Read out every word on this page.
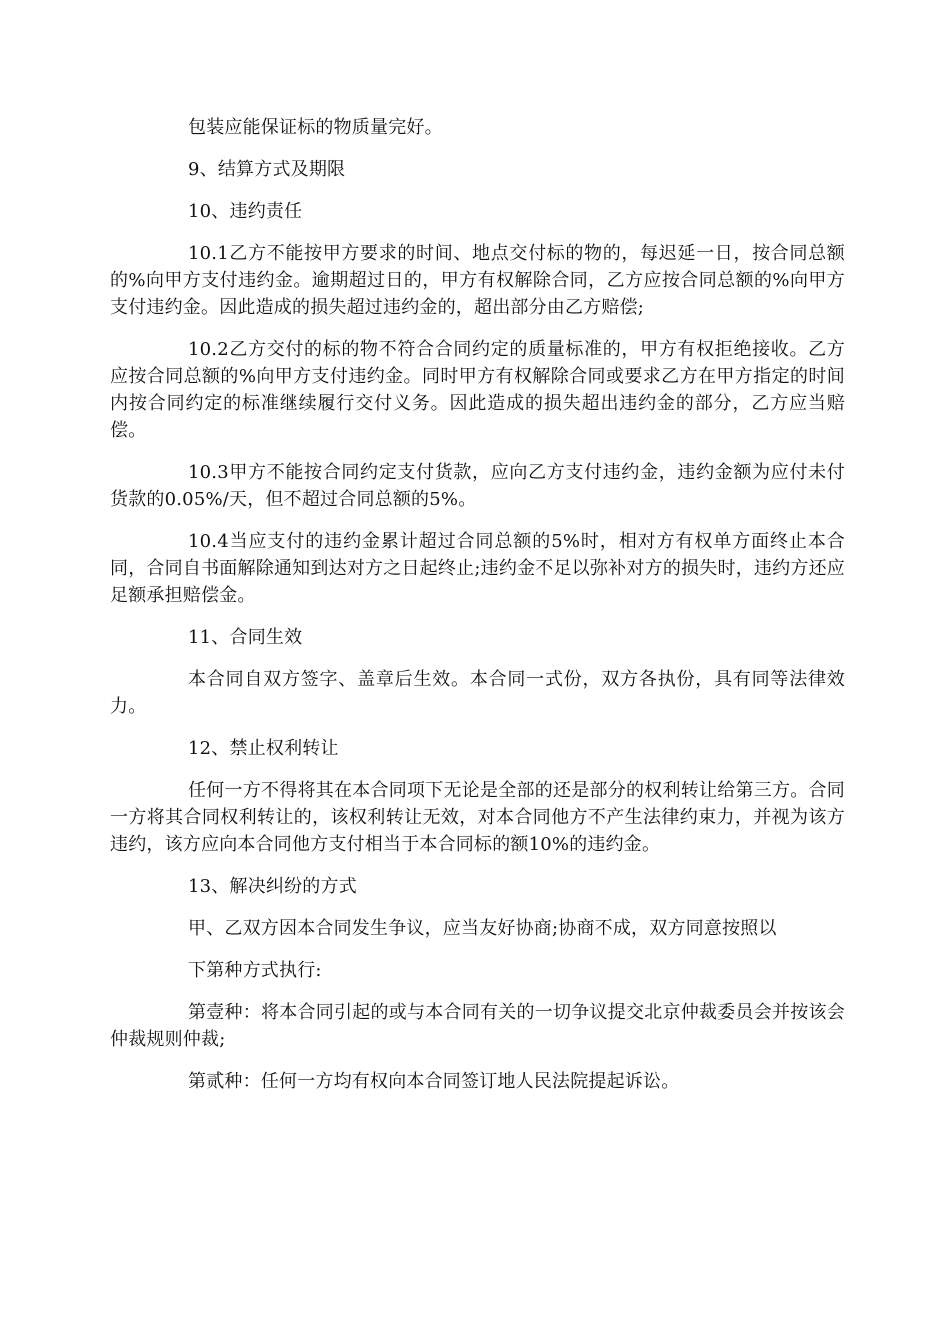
包装应能保证标的物质量完好。

9、结算方式及期限

10、违约责任

10.1乙方不能按甲方要求的时间、地点交付标的物的，每迟延一日，按合同总额的%向甲方支付违约金。逾期超过日的，甲方有权解除合同，乙方应按合同总额的%向甲方支付违约金。因此造成的损失超过违约金的，超出部分由乙方赔偿;

10.2乙方交付的标的物不符合合同约定的质量标准的，甲方有权拒绝接收。乙方应按合同总额的%向甲方支付违约金。同时甲方有权解除合同或要求乙方在甲方指定的时间内按合同约定的标准继续履行交付义务。因此造成的损失超出违约金的部分，乙方应当赔偿。

10.3甲方不能按合同约定支付货款，应向乙方支付违约金，违约金额为应付未付货款的0.05%/天，但不超过合同总额的5%。

10.4当应支付的违约金累计超过合同总额的5%时，相对方有权单方面终止本合同，合同自书面解除通知到达对方之日起终止;违约金不足以弥补对方的损失时，违约方还应足额承担赔偿金。

11、合同生效

本合同自双方签字、盖章后生效。本合同一式份，双方各执份，具有同等法律效力。

12、禁止权利转让

任何一方不得将其在本合同项下无论是全部的还是部分的权利转让给第三方。合同一方将其合同权利转让的，该权利转让无效，对本合同他方不产生法律约束力，并视为该方违约，该方应向本合同他方支付相当于本合同标的额10%的违约金。

13、解决纠纷的方式

甲、乙双方因本合同发生争议，应当友好协商;协商不成，双方同意按照以

下第种方式执行:

第壹种：将本合同引起的或与本合同有关的一切争议提交北京仲裁委员会并按该会仲裁规则仲裁;

第贰种：任何一方均有权向本合同签订地人民法院提起诉讼。
